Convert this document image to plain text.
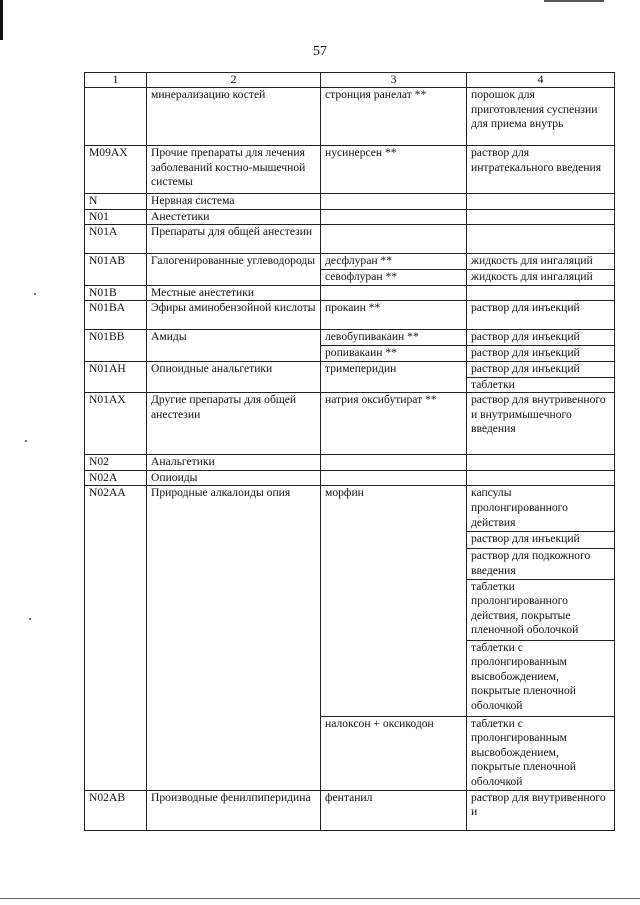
57
1	2	3	4
	минерализацию костей	стронция ранелат **	порошок для приготовления суспензии для приема внутрь
M09AX	Прочие препараты для лечения заболеваний костно-мышечной системы	нусинерсен **	раствор для интратекального введения
N	Нервная система		
N01	Анестетики		
N01A	Препараты для общей анестезии		
N01AB	Галогенированные углеводороды	десфлуран **	жидкость для ингаляций
		севофлуран **	жидкость для ингаляций
N01B	Местные анестетики		
N01BA	Эфиры аминобензойной кислоты	прокаин **	раствор для инъекций
N01BB	Амиды	левобупивакаин **	раствор для инъекций
		ропивакаин **	раствор для инъекций
N01AH	Опиоидные анальгетики	тримеперидин	раствор для инъекций
			таблетки
N01AX	Другие препараты для общей анестезии	натрия оксибутират **	раствор для внутривенного и внутримышечного введения
N02	Анальгетики		
N02A	Опиоиды		
N02AA	Природные алкалоиды опия	морфин	капсулы пролонгированного действия
			раствор для инъекций
			раствор для подкожного введения
			таблетки пролонгированного действия, покрытые пленочной оболочкой
			таблетки с пролонгированным высвобождением, покрытые пленочной оболочкой
		налоксон + оксикодон	таблетки с пролонгированным высвобождением, покрытые пленочной оболочкой
N02AB	Производные фенилпиперидина	фентанил	раствор для внутривенного и
